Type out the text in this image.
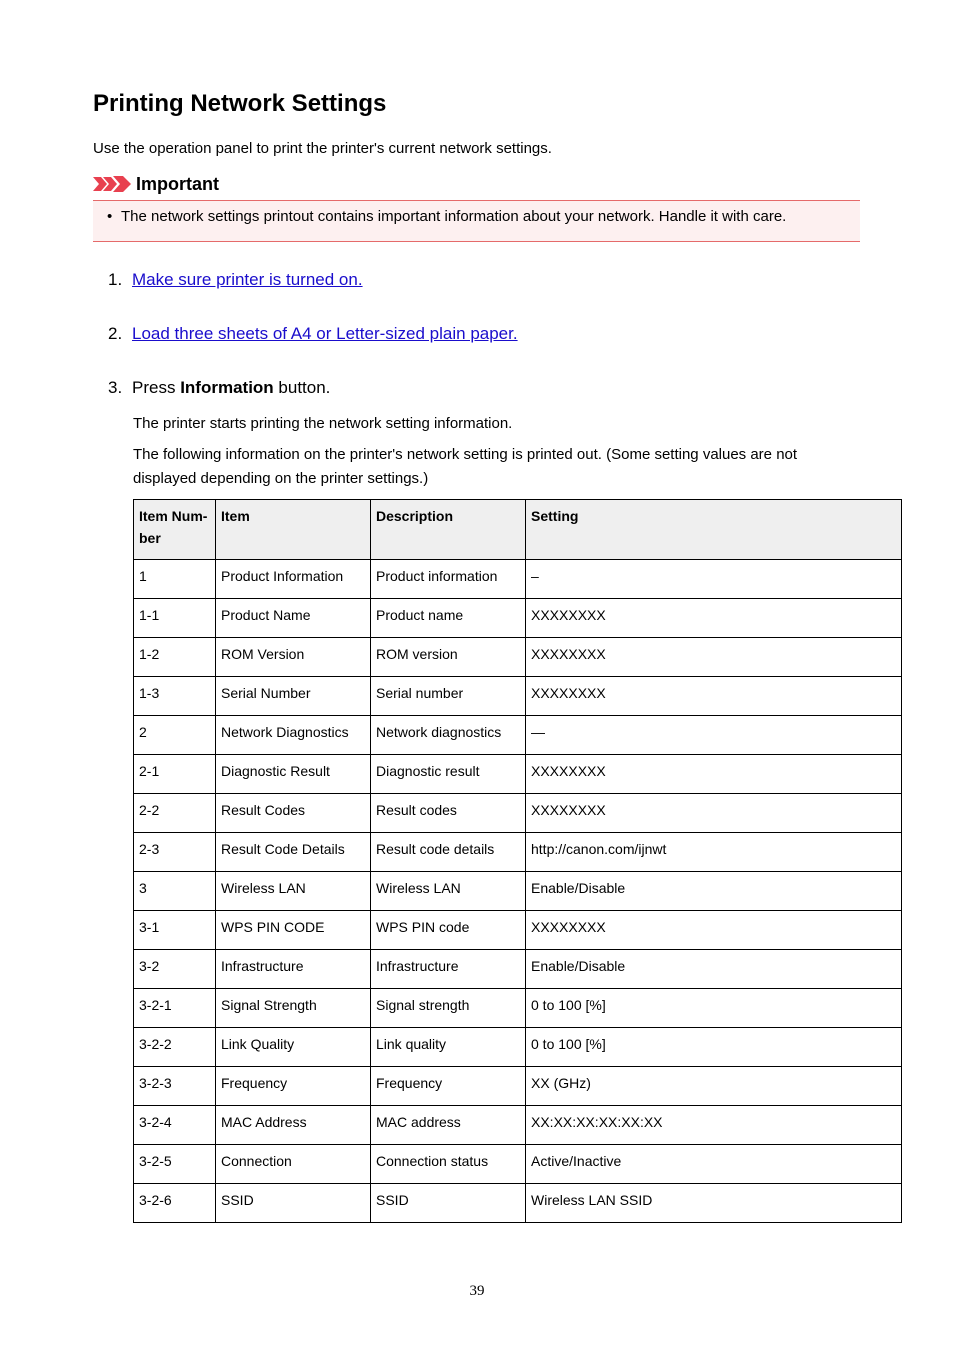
Printing Network Settings

Use the operation panel to print the printer's current network settings.

Important
• The network settings printout contains important information about your network. Handle it with care.
1. Make sure printer is turned on.
2. Load three sheets of A4 or Letter-sized plain paper.
3. Press Information button.

The printer starts printing the network setting information.

The following information on the printer's network setting is printed out. (Some setting values are not displayed depending on the printer settings.)

Item Num-ber	Item	Description	Setting
1	Product Information	Product information	–
1-1	Product Name	Product name	XXXXXXXX
1-2	ROM Version	ROM version	XXXXXXXX
1-3	Serial Number	Serial number	XXXXXXXX
2	Network Diagnostics	Network diagnostics	—
2-1	Diagnostic Result	Diagnostic result	XXXXXXXX
2-2	Result Codes	Result codes	XXXXXXXX
2-3	Result Code Details	Result code details	http://canon.com/ijnwt
3	Wireless LAN	Wireless LAN	Enable/Disable
3-1	WPS PIN CODE	WPS PIN code	XXXXXXXX
3-2	Infrastructure	Infrastructure	Enable/Disable
3-2-1	Signal Strength	Signal strength	0 to 100 [%]
3-2-2	Link Quality	Link quality	0 to 100 [%]
3-2-3	Frequency	Frequency	XX (GHz)
3-2-4	MAC Address	MAC address	XX:XX:XX:XX:XX:XX
3-2-5	Connection	Connection status	Active/Inactive
3-2-6	SSID	SSID	Wireless LAN SSID
39
